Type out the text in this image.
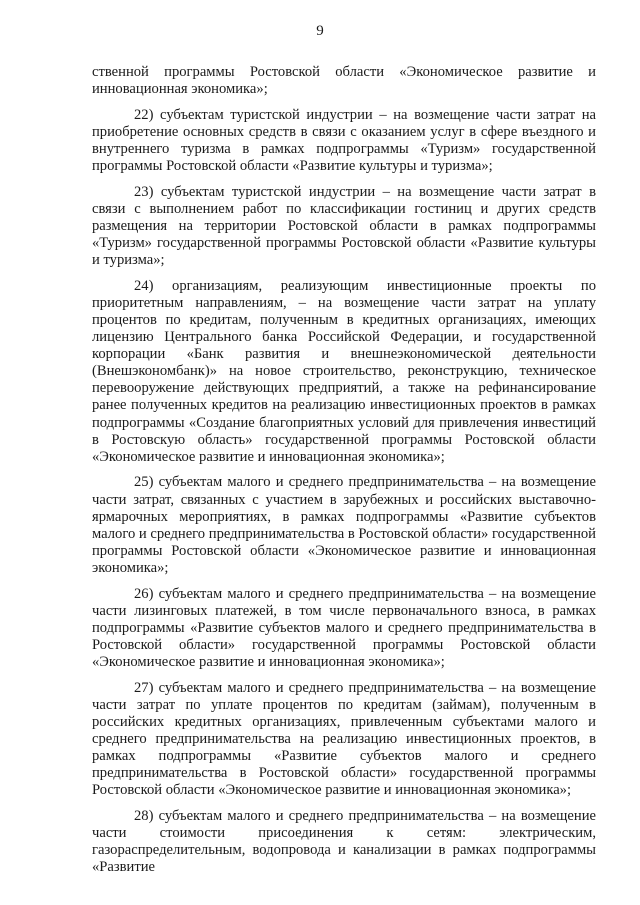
9

ственной программы Ростовской области «Экономическое развитие и инновационная экономика»;

22) субъектам туристской индустрии – на возмещение части затрат на приобретение основных средств в связи с оказанием услуг в сфере въездного и внутреннего туризма в рамках подпрограммы «Туризм» государственной программы Ростовской области «Развитие культуры и туризма»;

23) субъектам туристской индустрии – на возмещение части затрат в связи с выполнением работ по классификации гостиниц и других средств размещения на территории Ростовской области в рамках подпрограммы «Туризм» государственной программы Ростовской области «Развитие культуры и туризма»;

24) организациям, реализующим инвестиционные проекты по приоритетным направлениям, – на возмещение части затрат на уплату процентов по кредитам, полученным в кредитных организациях, имеющих лицензию Центрального банка Российской Федерации, и государственной корпорации «Банк развития и внешнеэкономической деятельности (Внешэкономбанк)» на новое строительство, реконструкцию, техническое перевооружение действующих предприятий, а также на рефинансирование ранее полученных кредитов на реализацию инвестиционных проектов в рамках подпрограммы «Создание благоприятных условий для привлечения инвестиций в Ростовскую область» государственной программы Ростовской области «Экономическое развитие и инновационная экономика»;

25) субъектам малого и среднего предпринимательства – на возмещение части затрат, связанных с участием в зарубежных и российских выставочно-ярмарочных мероприятиях, в рамках подпрограммы «Развитие субъектов малого и среднего предпринимательства в Ростовской области» государственной программы Ростовской области «Экономическое развитие и инновационная экономика»;

26) субъектам малого и среднего предпринимательства – на возмещение части лизинговых платежей, в том числе первоначального взноса, в рамках подпрограммы «Развитие субъектов малого и среднего предпринимательства в Ростовской области» государственной программы Ростовской области «Экономическое развитие и инновационная экономика»;

27) субъектам малого и среднего предпринимательства – на возмещение части затрат по уплате процентов по кредитам (займам), полученным в российских кредитных организациях, привлеченным субъектами малого и среднего предпринимательства на реализацию инвестиционных проектов, в рамках подпрограммы «Развитие субъектов малого и среднего предпринимательства в Ростовской области» государственной программы Ростовской области «Экономическое развитие и инновационная экономика»;

28) субъектам малого и среднего предпринимательства – на возмещение части стоимости присоединения к сетям: электрическим, газораспределительным, водопровода и канализации в рамках подпрограммы «Развитие
